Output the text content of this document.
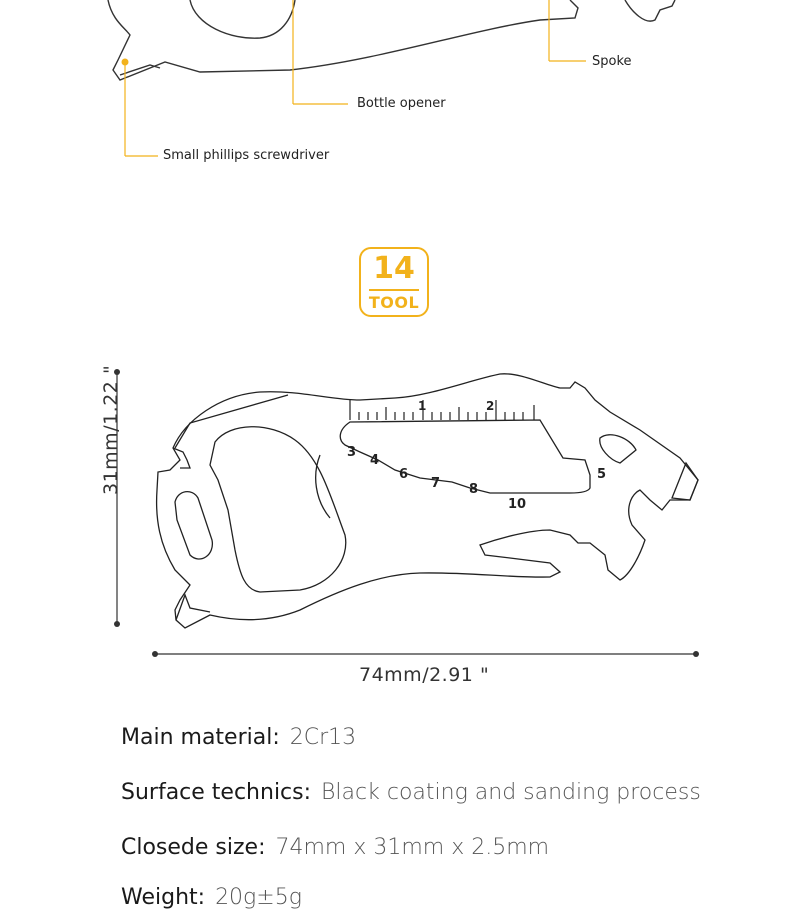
Spoke
Bottle opener
Small phillips screwdriver
14
TOOL
1	2
3
4
6
7 8
10
5
31mm/1.22 "
74mm/2.91 "
Main material: 2Cr13
Surface technics: Black coating and sanding process
Closede size: 74mm x 31mm x 2.5mm
Weight: 20g±5g
